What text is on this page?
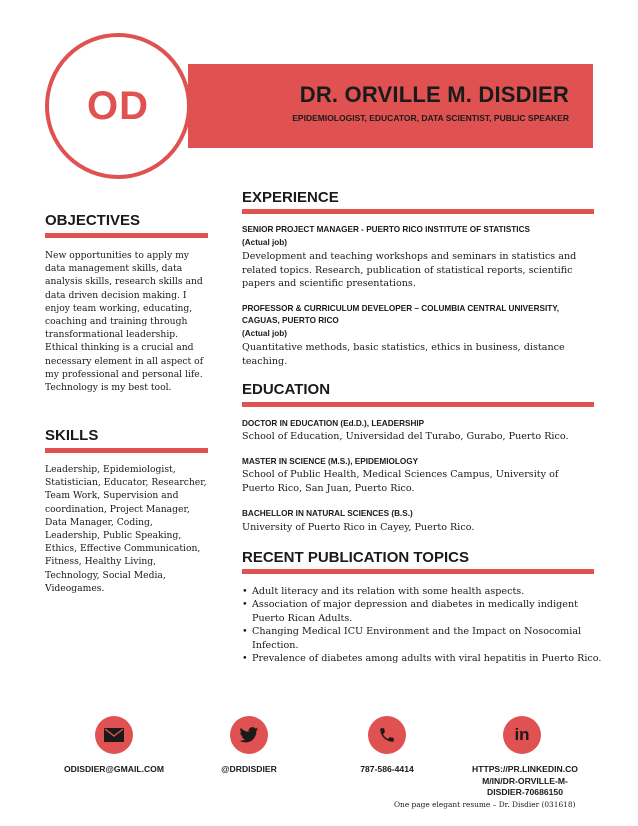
DR. ORVILLE M. DISDIER
EPIDEMIOLOGIST, EDUCATOR, DATA SCIENTIST, PUBLIC SPEAKER
OD
OBJECTIVES
New opportunities to apply my data management skills, data analysis skills, research skills and data driven decision making. I enjoy team working, educating, coaching and training through transformational leadership. Ethical thinking is a crucial and necessary element in all aspect of my professional and personal life. Technology is my best tool.
SKILLS
Leadership, Epidemiologist, Statistician, Educator, Researcher, Team Work, Supervision and coordination, Project Manager, Data Manager, Coding, Leadership, Public Speaking, Ethics, Effective Communication, Fitness, Healthy Living, Technology, Social Media, Videogames.
EXPERIENCE
SENIOR PROJECT MANAGER - PUERTO RICO INSTITUTE OF STATISTICS
(Actual job)
Development and teaching workshops and seminars in statistics and related topics. Research, publication of statistical reports, scientific papers and scientific presentations.
PROFESSOR & CURRICULUM DEVELOPER – COLUMBIA CENTRAL UNIVERSITY, CAGUAS, PUERTO RICO
(Actual job)
Quantitative methods, basic statistics, ethics in business, distance teaching.
EDUCATION
DOCTOR IN EDUCATION (Ed.D.), LEADERSHIP
School of Education, Universidad del Turabo, Gurabo, Puerto Rico.
MASTER IN SCIENCE (M.S.), EPIDEMIOLOGY
School of Public Health, Medical Sciences Campus, University of Puerto Rico, San Juan, Puerto Rico.
BACHELLOR IN NATURAL SCIENCES (B.S.)
University of Puerto Rico in Cayey, Puerto Rico.
RECENT PUBLICATION TOPICS
• Adult literacy and its relation with some health aspects.
• Association of major depression and diabetes in medically indigent Puerto Rican Adults.
• Changing Medical ICU Environment and the Impact on Nosocomial Infection.
• Prevalence of diabetes among adults with viral hepatitis in Puerto Rico.
in
ODISDIER@GMAIL.COM	@DRDISDIER	787-586-4414	HTTPS://PR.LINKEDIN.CO M/IN/DR-ORVILLE-M-DISDIER-70686150
One page elegant resume – Dr. Disdier (031618)
